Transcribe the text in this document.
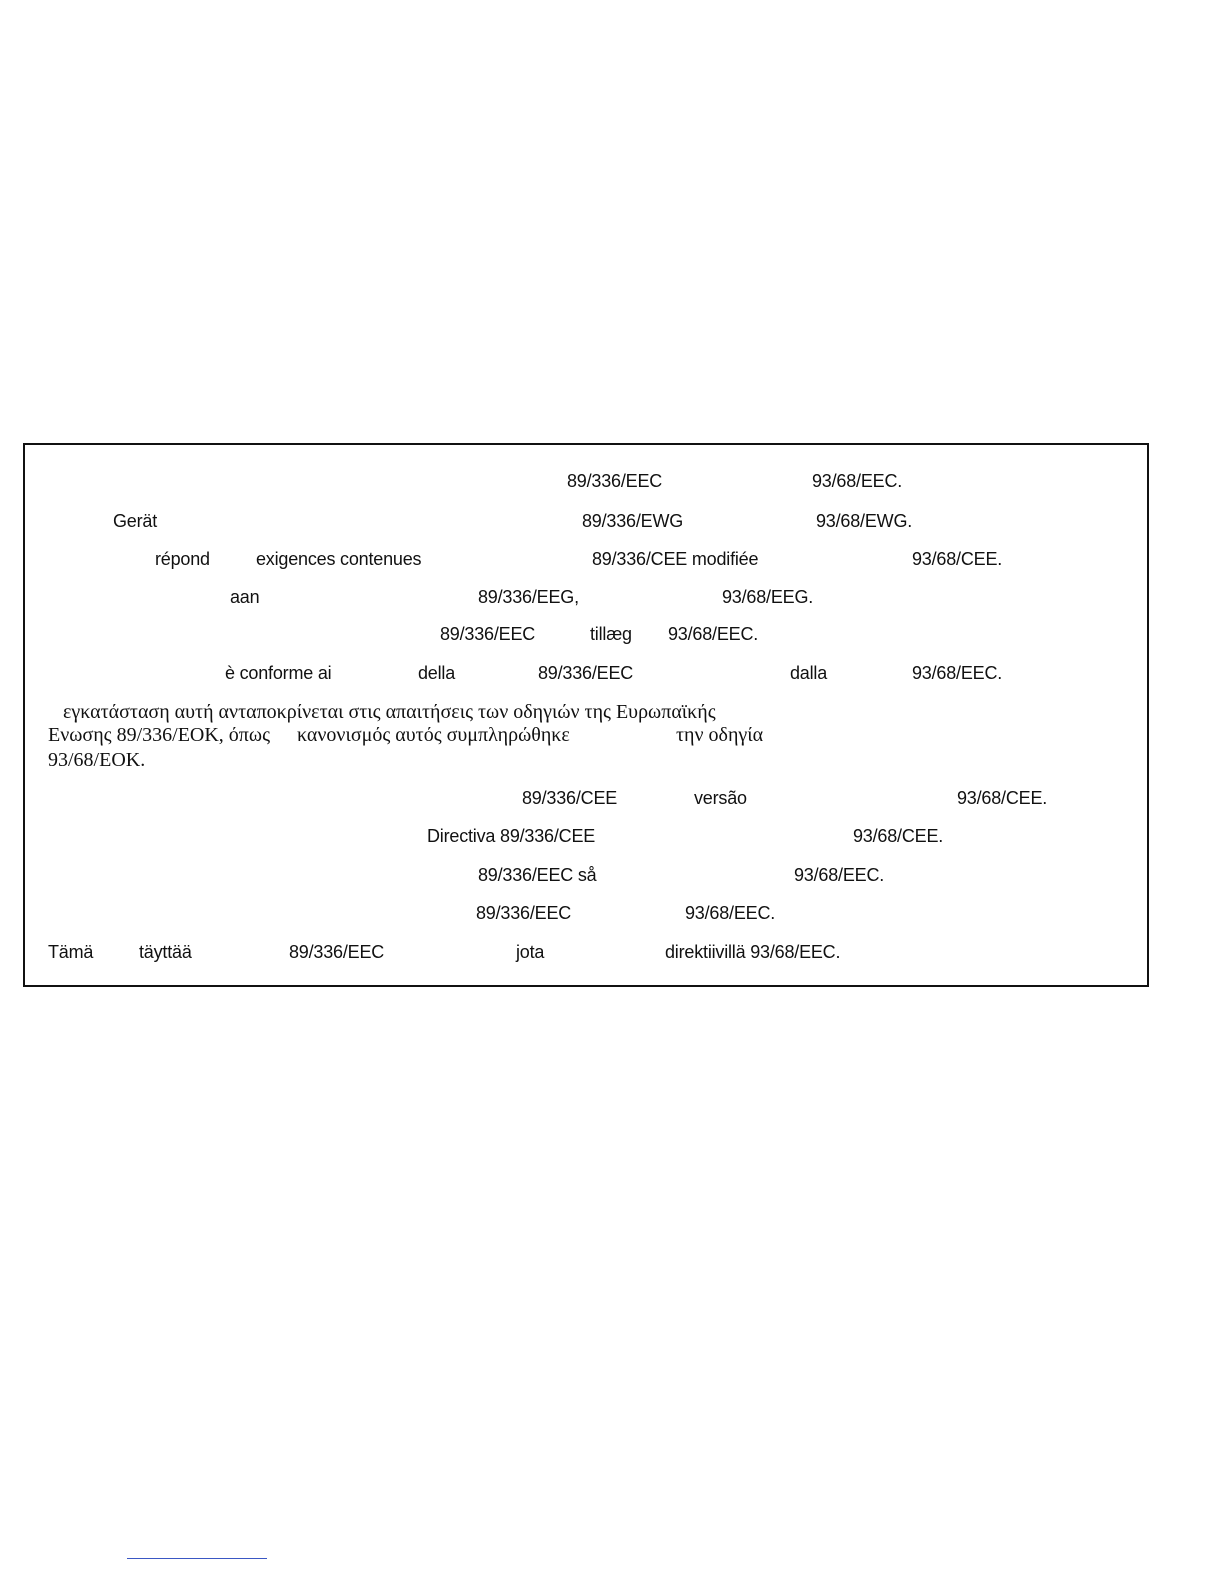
89/336/EEC	93/68/EEC.
Gerät	89/336/EWG	93/68/EWG.
répond	exigences contenues	89/336/CEE modifiée	93/68/CEE.
aan	89/336/EEG,	93/68/EEG.
89/336/EEC	tillæg 93/68/EEC.
è conforme ai	della	89/336/EEC	dalla	93/68/EEC.
εγκατάσταση αυτή ανταποκρίνεται στις απαιτήσεις των οδηγιών της Ευρωπαϊκής
Ενωσης 89/336/ΕΟΚ, όπως κανονισμός αυτός συμπληρώθηκε	την οδηγία
93/68/ΕΟΚ.
89/336/CEE	versão	93/68/CEE.
Directiva 89/336/CEE	93/68/CEE.
89/336/EEC så	93/68/EEC.
89/336/EEC	93/68/EEC.
Tämä	täyttää	89/336/EEC	jota	direktiivillä 93/68/EEC.
